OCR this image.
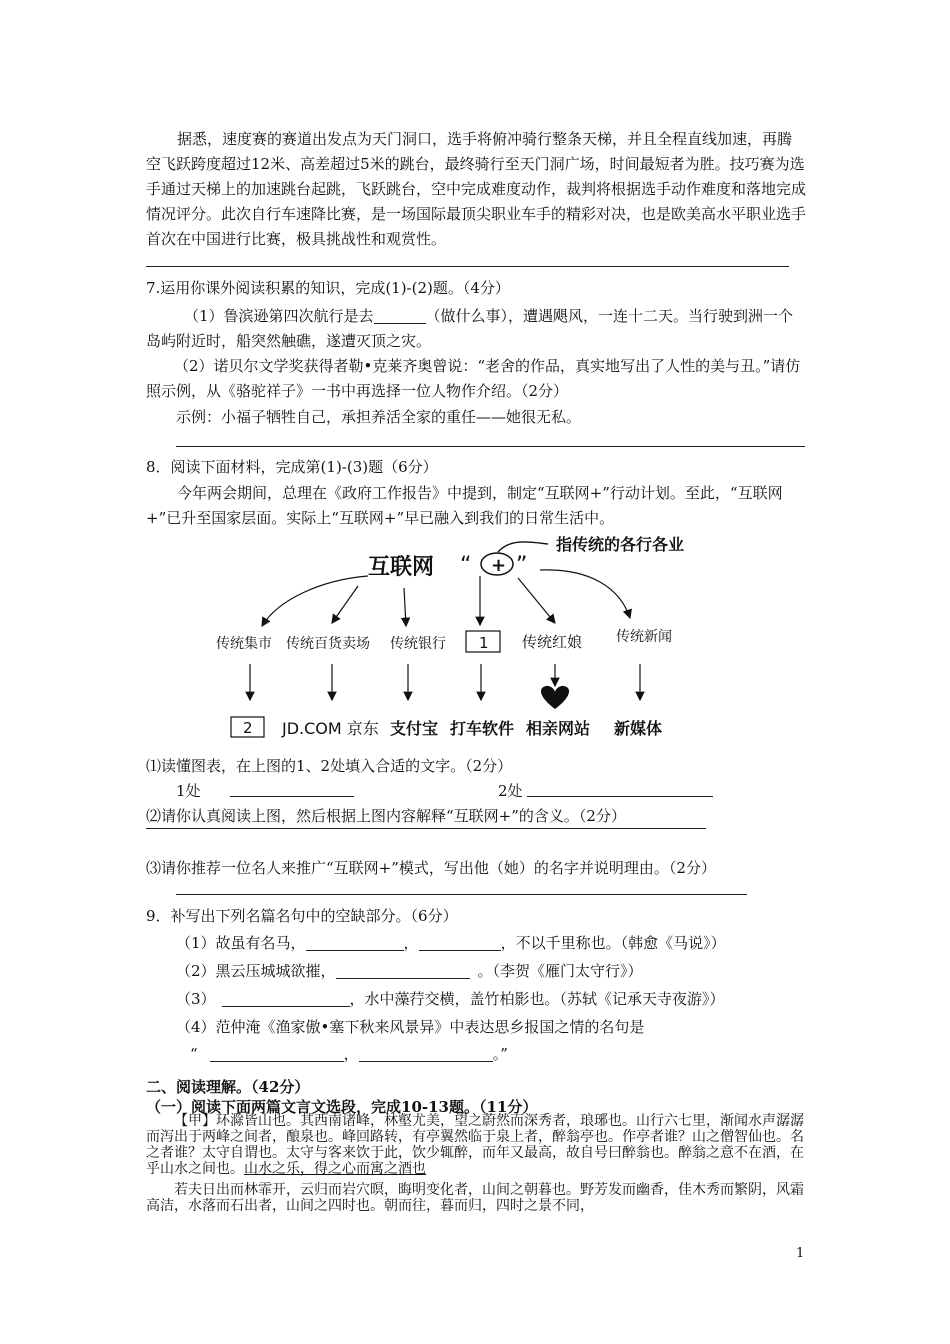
据悉，速度赛的赛道出发点为天门洞口，选手将俯冲骑行整条天梯，并且全程直线加速，再腾空飞跃跨度超过12米、高差超过5米的跳台，最终骑行至天门洞广场，时间最短者为胜。技巧赛为选手通过天梯上的加速跳台起跳，飞跃跳台，空中完成难度动作，裁判将根据选手动作难度和落地完成情况评分。此次自行车速降比赛，是一场国际最顶尖职业车手的精彩对决，也是欧美高水平职业选手首次在中国进行比赛，极具挑战性和观赏性。
7.运用你课外阅读积累的知识，完成(1)-(2)题。（4分）
（1）鲁滨逊第四次航行是去	（做什么事），遭遇飓风，一连十二天。当行驶到洲一个岛屿附近时，船突然触礁，遂遭灭顶之灾。
（2）诺贝尔文学奖获得者勒•克莱齐奥曾说：“老舍的作品，真实地写出了人性的美与丑。”请仿照示例，从《骆驼祥子》一书中再选择一位人物作介绍。（2分）
示例：小福子牺牲自己，承担养活全家的重任——她很无私。
8．阅读下面材料，完成第(1)-(3)题（6分）
今年两会期间，总理在《政府工作报告》中提到，制定“互联网+”行动计划。至此，“互联网+”已升至国家层面。实际上“互联网+”早已融入到我们的日常生活中。
互联网 “ + ”
指传统的各行各业
传统集市 传统百货卖场 传统银行 1 传统红娘 传统新闻
2 JD.COM 京东 支付宝 打车软件 相亲网站 新媒体
⑴读懂图表，在上图的1、2处填入合适的文字。（2分）
1处	2处
⑵请你认真阅读上图，然后根据上图内容解释“互联网+”的含义。（2分）
⑶请你推荐一位名人来推广“互联网+”模式，写出他（她）的名字并说明理由。（2分）
9．补写出下列名篇名句中的空缺部分。（6分）
（1）故虽有名马，	，	，不以千里称也。（韩愈《马说》）
（2）黑云压城城欲摧，	。（李贺《雁门太守行》）
（3）	，水中藻荇交横，盖竹柏影也。（苏轼《记承天寺夜游》）
（4）范仲淹《渔家傲•塞下秋来风景异》中表达思乡报国之情的名句是
“	，	。”
二、阅读理解。（42分）
（一）阅读下面两篇文言文选段，完成10-13题。（11分）
【甲】环滁皆山也。其西南诸峰，林壑尤美，望之蔚然而深秀者，琅琊也。山行六七里，渐闻水声潺潺而泻出于两峰之间者，酿泉也。峰回路转，有亭翼然临于泉上者，醉翁亭也。作亭者谁？山之僧智仙也。名之者谁？太守自谓也。太守与客来饮于此，饮少辄醉，而年又最高，故自号曰醉翁也。醉翁之意不在酒，在乎山水之间也。山水之乐，得之心而寓之酒也
若夫日出而林霏开，云归而岩穴暝，晦明变化者，山间之朝暮也。野芳发而幽香，佳木秀而繁阴，风霜高洁，水落而石出者，山间之四时也。朝而往，暮而归，四时之景不同，
1
